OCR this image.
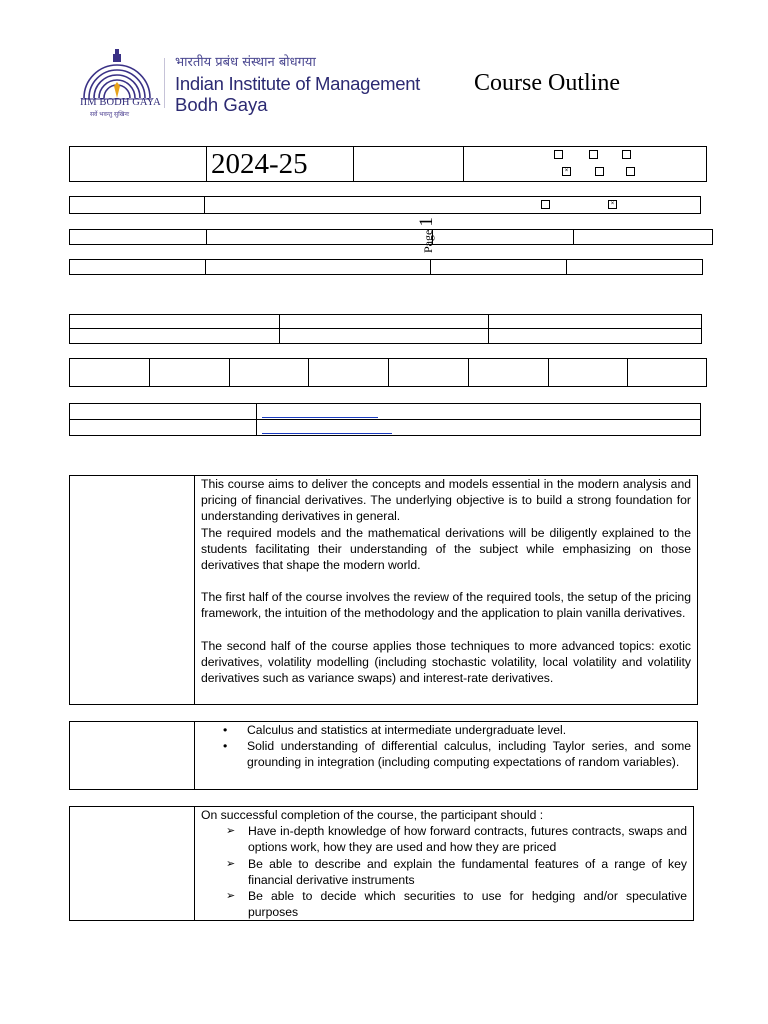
IIM BODH GAYA
सर्वे भवन्तु सुखिनः
भारतीय प्रबंध संस्थान बोधगया
Indian Institute of Management
Bodh Gaya
Course Outline
	2024-25		×

×
Page 1

This course aims to deliver the concepts and models essential in the modern analysis and pricing of financial derivatives. The underlying objective is to build a strong foundation for understanding derivatives in general.

The required models and the mathematical derivations will be diligently explained to the students facilitating their understanding of the subject while emphasizing on those derivatives that shape the modern world.

The first half of the course involves the review of the required tools, the setup of the pricing framework, the intuition of the methodology and the application to plain vanilla derivatives.

The second half of the course applies those techniques to more advanced topics: exotic derivatives, volatility modelling (including stochastic volatility, local volatility and volatility derivatives such as variance swaps) and interest-rate derivatives.

• Calculus and statistics at intermediate undergraduate level.
• Solid understanding of differential calculus, including Taylor series, and some grounding in integration (including computing expectations of random variables).

On successful completion of the course, the participant should :

➢ Have in-depth knowledge of how forward contracts, futures contracts, swaps and options work, how they are used and how they are priced
➢ Be able to describe and explain the fundamental features of a range of key financial derivative instruments
➢ Be able to decide which securities to use for hedging and/or speculative purposes
